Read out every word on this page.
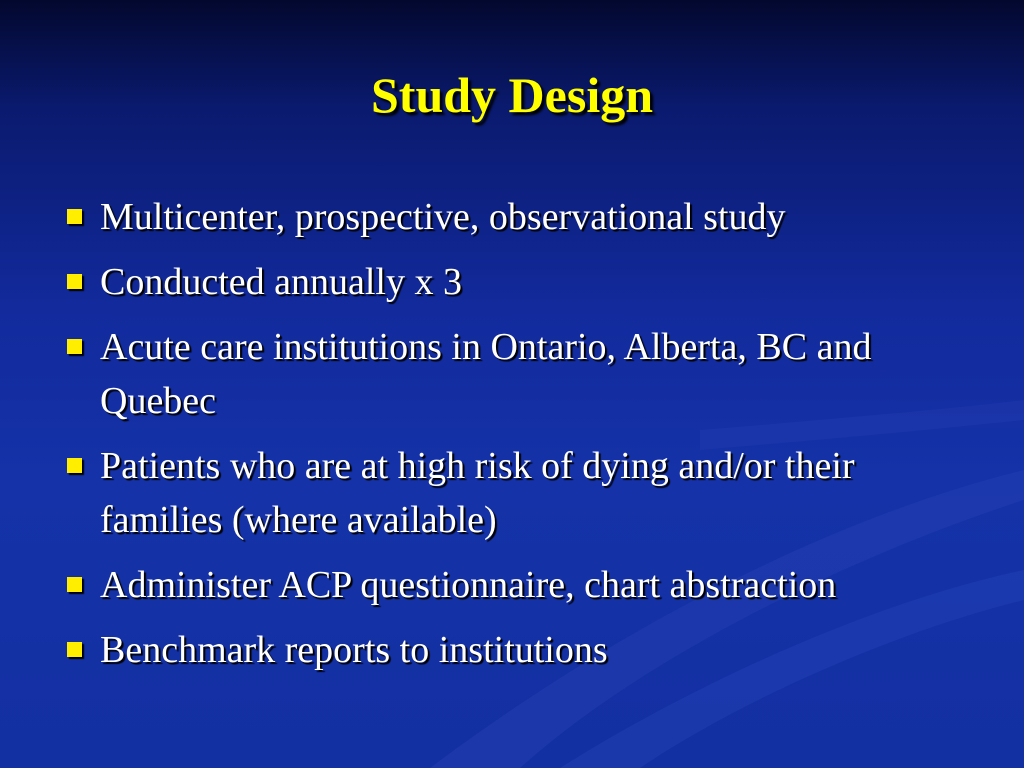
Study Design
Multicenter, prospective, observational study
Conducted annually x 3
Acute care institutions in Ontario, Alberta, BC and Quebec
Patients who are at high risk of dying and/or their families (where available)
Administer ACP questionnaire, chart abstraction
Benchmark reports to institutions
